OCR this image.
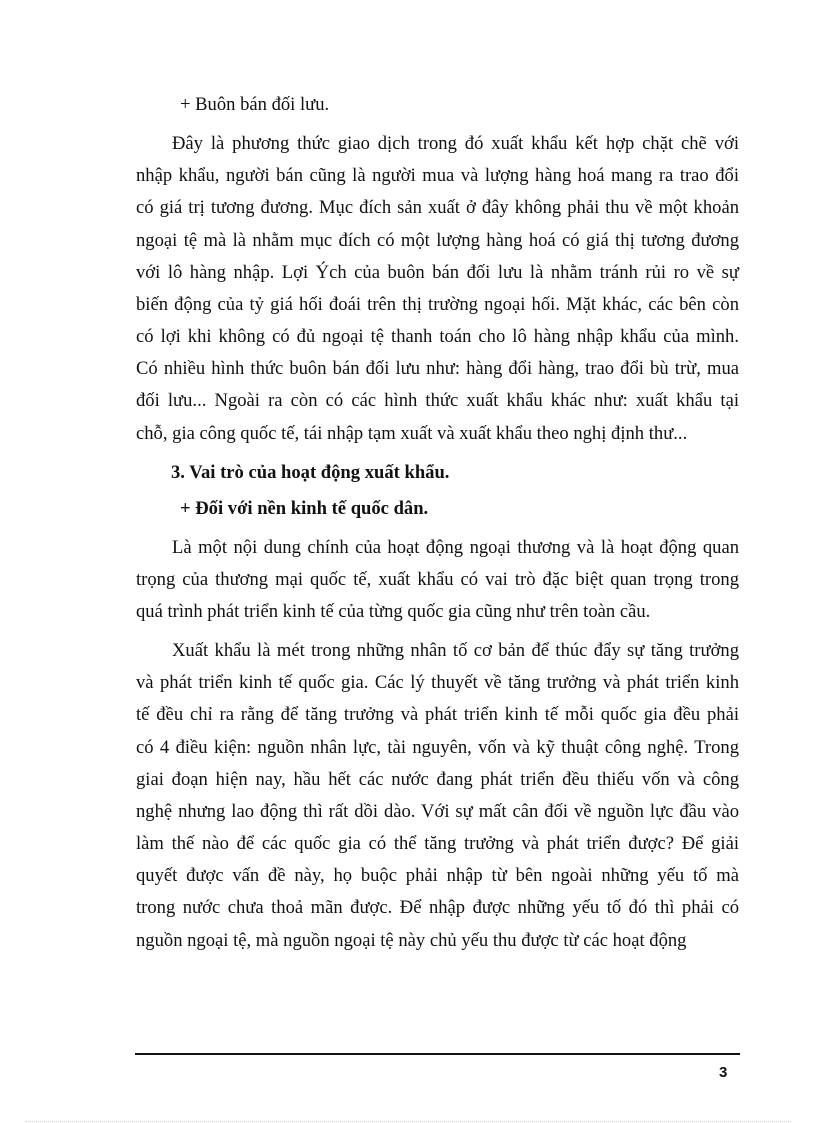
+ Buôn bán đối lưu.
Đây là phương thức giao dịch trong đó xuất khẩu kết hợp chặt chẽ với
nhập khẩu, người bán cũng là người mua và lượng hàng hoá mang ra trao đổi
có giá trị tương đương. Mục đích sản xuất ở đây không phải thu về một khoản
ngoại tệ mà là nhằm mục đích có một lượng hàng hoá có giá thị tương đương
với lô hàng nhập. Lợi Ých của buôn bán đối lưu là nhằm tránh rủi ro về sự
biến động của tỷ giá hối đoái trên thị trường ngoại hối. Mặt khác, các bên còn
có lợi khi không có đủ ngoại tệ thanh toán cho lô hàng nhập khẩu của mình.
Có nhiều hình thức buôn bán đối lưu như: hàng đổi hàng, trao đổi bù trừ, mua
đối lưu... Ngoài ra còn có các hình thức xuất khẩu khác như: xuất khẩu tại
chỗ, gia công quốc tế, tái nhập tạm xuất và xuất khẩu theo nghị định thư...
3. Vai trò của hoạt động xuất khẩu.
+ Đối với nền kinh tế quốc dân.
Là một nội dung chính của hoạt động ngoại thương và là hoạt động quan
trọng của thương mại quốc tế, xuất khẩu có vai trò đặc biệt quan trọng trong
quá trình phát triển kinh tế của từng quốc gia cũng như trên toàn cầu.
Xuất khẩu là mét trong những nhân tố cơ bản để thúc đẩy sự tăng trưởng
và phát triển kinh tế quốc gia. Các lý thuyết về tăng trưởng và phát triển kinh
tế đều chỉ ra rằng để tăng trưởng và phát triển kinh tế mỗi quốc gia đều phải
có 4 điều kiện: nguồn nhân lực, tài nguyên, vốn và kỹ thuật công nghệ. Trong
giai đoạn hiện nay, hầu hết các nước đang phát triển đều thiếu vốn và công
nghệ nhưng lao động thì rất dồi dào. Với sự mất cân đối về nguồn lực đầu vào
làm thế nào để các quốc gia có thể tăng trưởng và phát triển được? Để giải
quyết được vấn đề này, họ buộc phải nhập từ bên ngoài những yếu tố mà
trong nước chưa thoả mãn được. Để nhập được những yếu tố đó thì phải có
nguồn ngoại tệ, mà nguồn ngoại tệ này chủ yếu thu được từ các hoạt động
3
